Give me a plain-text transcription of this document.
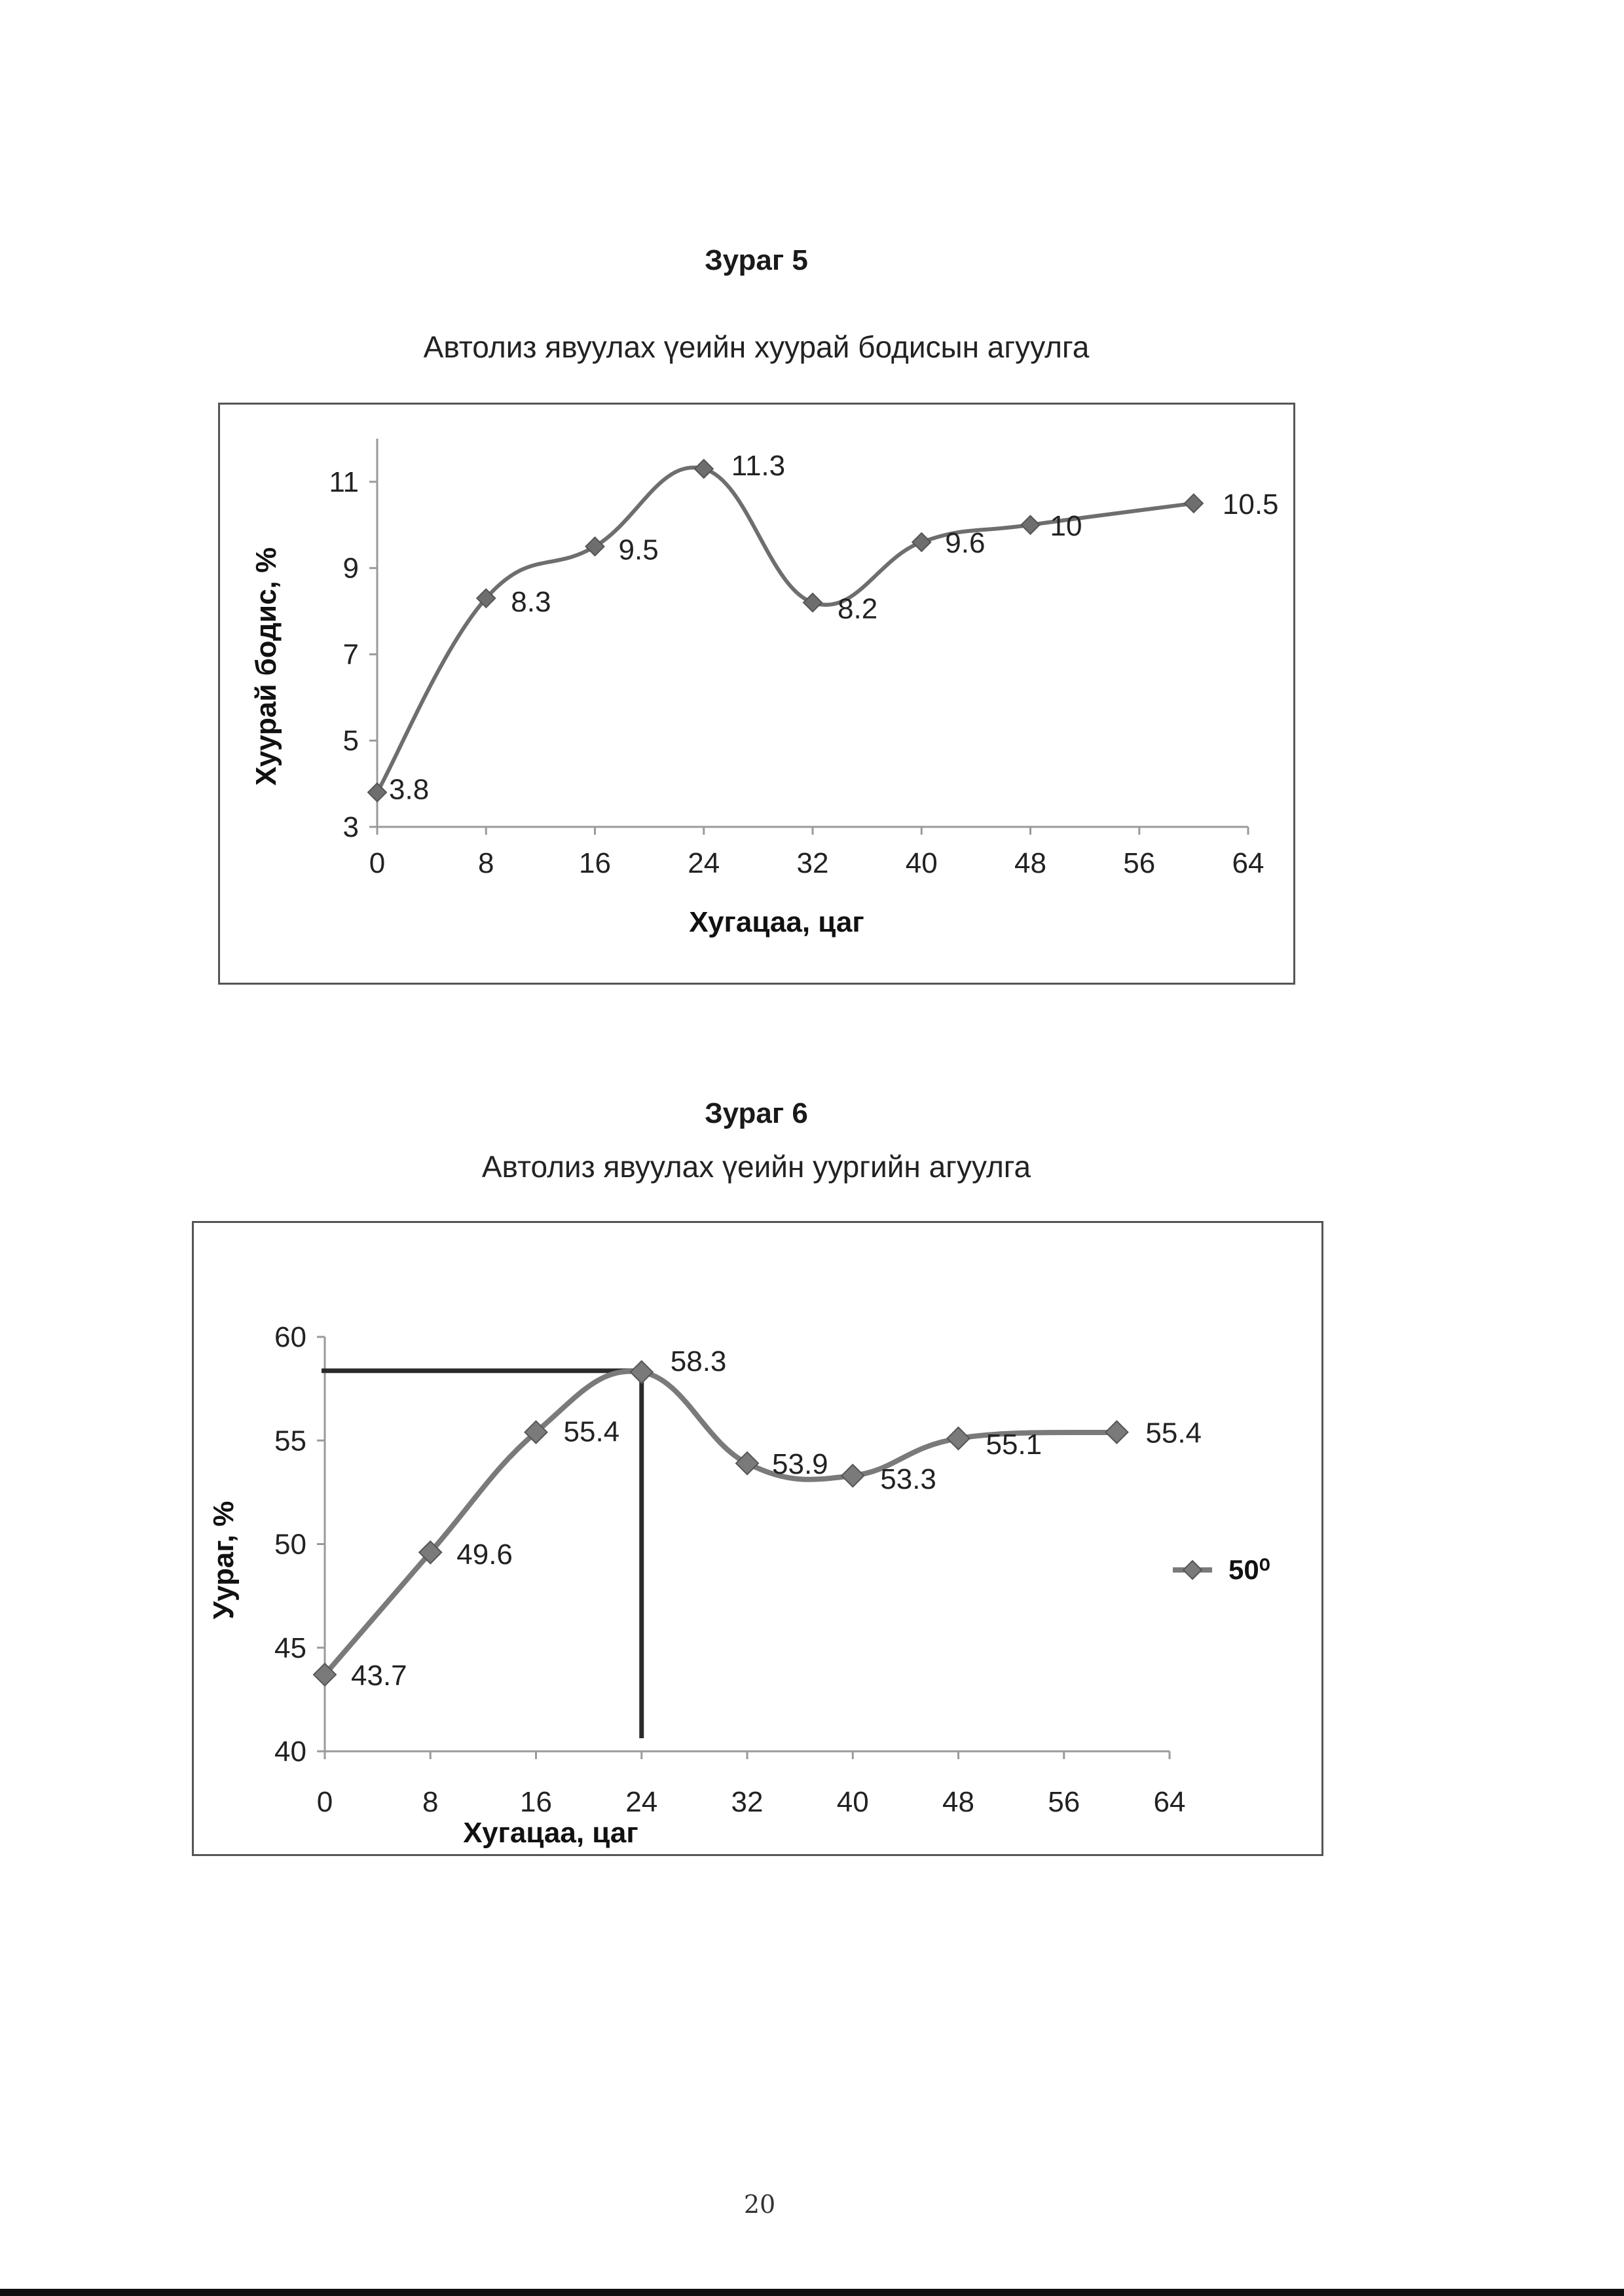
Зураг 5
Автолиз явуулах үеийн хуурай бодисын агуулга
3
5
7
9
11
0	8	16	24	32	40	48	56	64
Хугацаа, цаг
Хуурай бодис, %
3.8
8.3
9.5
11.3
8.2
9.6
10
10.5
Зураг 6
Автолиз явуулах үеийн уургийн агуулга
40
45
50
55
60
0	8	16	24	32	40	48	56	64
Хугацаа, цаг
Уураг, %
43.7
49.6
55.4
58.3
53.9 53.3
55.1	55.4
50⁰
20
